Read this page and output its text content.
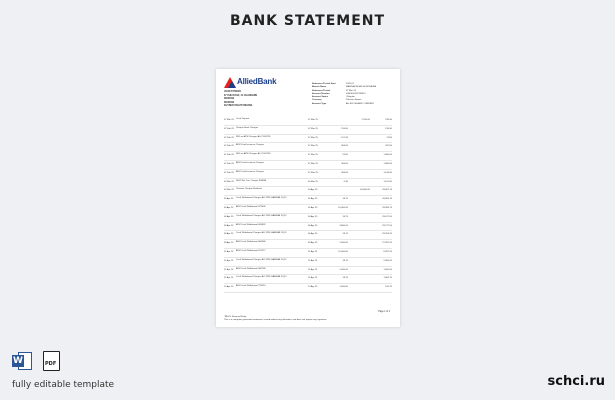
BANK STATEMENT
AlliedBank
JOHN STIVENS
67 PHE ROAD, 41 CHANGEME
MARDAN
MARDAN
KHYBER PAKHTUNKHWA
Statement Period Start	2019-01
Branch Name	MARDAN ROAD NOWSHERA
Statement Period	07 Mar 19
Account Number	0000000101788314
Account Status	I Regular
Currency	Pakistan Rupee
Account Type	ALLIED ISLAMIC CURRENT
07 Mar 25 Cash Deposit	07 Mar 25	1,700.00	235.50
07 Feb 25 Cheque Book Charges	07 Mar 25	155.00	130.50
07 Feb 25 FED on ATM Charges A/c PLS0736	07 Mar 25	107.45	22.80
07 Feb 25 ATM Card Issuance Charges	07 Mar 25	364.00	347.05
07 Feb 25 FED on ATM Charges A/c PLS0736	07 Mar 25	22.00	1,060.00
07 Feb 25 ATM Card Issuance Charges	07 Mar 25	364.00	1,080.00
07 Feb 25 ATM Card Issuance Charges	07 Mar 25	364.00	1,104.00
05 Mar 25 WHT Wd. Tax. Cheque 936898	04 Mar 25	0.30	1,102.00
05 Mar 25 Clearent Cheque Realised	04 Apr 25	60,000.00	43,097.76
05 Apr 25 Cash Withdrawal Charges A/C PNF HAMZAB ZQ13	05 Apr 25	18.75	43,095.75
05 Apr 25 ATM Cash Withdrawal 079605	05 Apr 25	10,000.00	33,095.75
06 Apr 25 Cash Withdrawal Charges A/C PNF HAMZAB ZQ13	06 Apr 25	18.75	33,077.00
06 Apr 25 ATM Cash Withdrawal 009692	06 Apr 25	3,800.00	29,277.00
06 Apr 25 Cash Withdrawal Charges A/C PNF HAMZAB ZQ13	06 Apr 25	18.75	29,258.25
09 Apr 25 ATM Cash Withdrawal 066468	09 Apr 25	2,000.00	27,281.25
11 Apr 25	ATM Cash Withdrawal 013717	11 Apr 25	10,000.00	8,287.25
11 Apr 25	Cash Withdrawal Charges A/C PNF HAMZAB ZQ13	11 Apr 25	18.75	2,900.81
11 Apr 25	ATM Cash Withdrawal 465768	11 Apr 25	2,000.00	1,000.00
11 Apr 25	Cash Withdrawal Charges A/C PNF HAMZAB ZQ13	11 Apr 25	18.75	1,600.75
13 Apr 25 ATM Cash Withdrawal 732514	13 Apr 25	1,500.00	100.75
Page 1 of 1
*REVS: Reversal Entry
This is a computer generated statement, issued without any alteration, and does not require any signature.
W	PDF
fully editable template	schci.ru
